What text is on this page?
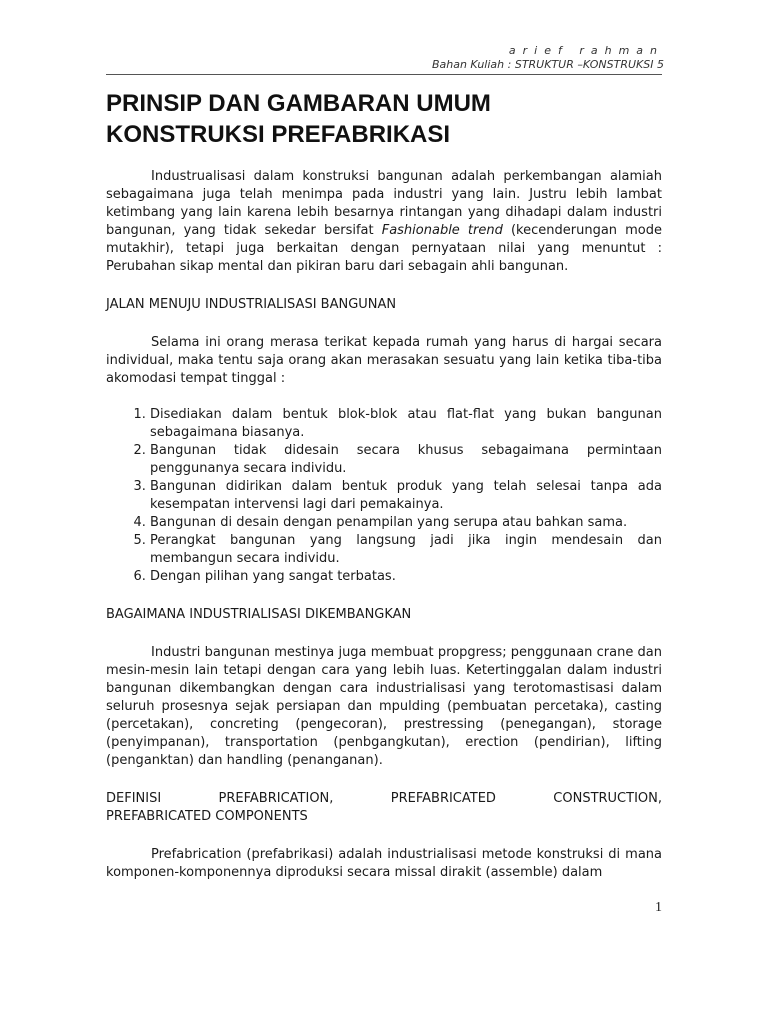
arief rahman
Bahan Kuliah : STRUKTUR –KONSTRUKSI 5
PRINSIP DAN GAMBARAN UMUM
KONSTRUKSI PREFABRIKASI

Industrualisasi dalam konstruksi bangunan adalah perkembangan alamiah sebagaimana juga telah menimpa pada industri yang lain. Justru lebih lambat ketimbang yang lain karena lebih besarnya rintangan yang dihadapi dalam industri bangunan, yang tidak sekedar bersifat Fashionable trend (kecenderungan mode mutakhir), tetapi juga berkaitan dengan pernyataan nilai yang menuntut : Perubahan sikap mental dan pikiran baru dari sebagain ahli bangunan.

JALAN MENUJU INDUSTRIALISASI BANGUNAN

Selama ini orang merasa terikat kepada rumah yang harus di hargai secara individual, maka tentu saja orang akan merasakan sesuatu yang lain ketika tiba-tiba akomodasi tempat tinggal :

1. Disediakan dalam bentuk blok-blok atau flat-flat yang bukan bangunan sebagaimana biasanya.
2. Bangunan tidak didesain secara khusus sebagaimana permintaan penggunanya secara individu.
3. Bangunan didirikan dalam bentuk produk yang telah selesai tanpa ada kesempatan intervensi lagi dari pemakainya.
4. Bangunan di desain dengan penampilan yang serupa atau bahkan sama.
5. Perangkat bangunan yang langsung jadi jika ingin mendesain dan membangun secara individu.
6. Dengan pilihan yang sangat terbatas.
BAGAIMANA INDUSTRIALISASI DIKEMBANGKAN

Industri bangunan mestinya juga membuat propgress; penggunaan crane dan mesin-mesin lain tetapi dengan cara yang lebih luas. Ketertinggalan dalam industri bangunan dikembangkan dengan cara industrialisasi yang terotomastisasi dalam seluruh prosesnya sejak persiapan dan mpulding (pembuatan percetaka), casting (percetakan), concreting (pengecoran), prestressing (penegangan), storage (penyimpanan), transportation (penbgangkutan), erection (pendirian), lifting (penganktan) dan handling (penanganan).

DEFINISI PREFABRICATION, PREFABRICATED CONSTRUCTION,
PREFABRICATED COMPONENTS

Prefabrication (prefabrikasi) adalah industrialisasi metode konstruksi di mana komponen-komponennya diproduksi secara missal dirakit (assemble) dalam

1
